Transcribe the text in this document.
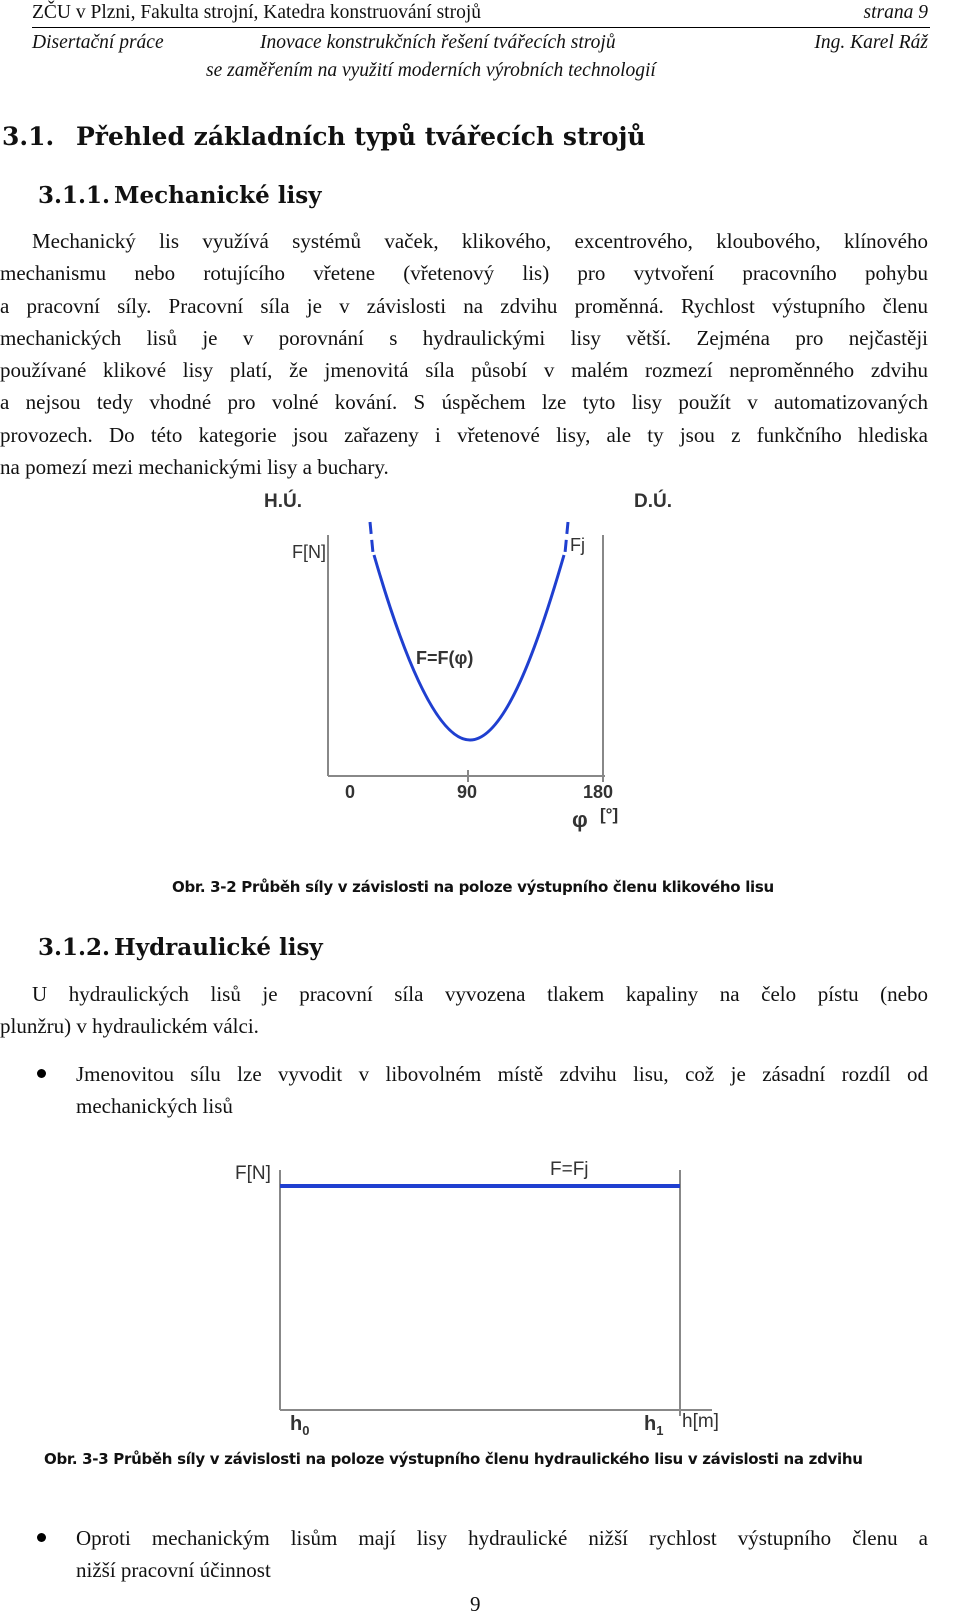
ZČU v Plzni, Fakulta strojní, Katedra konstruování strojů	strana 9
Disertační práce	Inovace konstrukčních řešení tvářecích strojů	Ing. Karel Ráž
se zaměřením na využití moderních výrobních technologií
3.1. Přehled základních typů tvářecích strojů
3.1.1. Mechanické lisy
Mechanický lis využívá systémů vaček, klikového, excentrového, kloubového, klínového
mechanismu nebo rotujícího vřetene (vřetenový lis) pro vytvoření pracovního pohybu
a pracovní síly. Pracovní síla je v závislosti na zdvihu proměnná. Rychlost výstupního členu
mechanických lisů je v porovnání s hydraulickými lisy větší. Zejména pro nejčastěji
používané klikové lisy platí, že jmenovitá síla působí v malém rozmezí neproměnného zdvihu
a nejsou tedy vhodné pro volné kování. S úspěchem lze tyto lisy použít v automatizovaných
provozech. Do této kategorie jsou zařazeny i vřetenové lisy, ale ty jsou z funkčního hlediska
na pomezí mezi mechanickými lisy a buchary.
H.Ú.	D.Ú.
F[N]	Fj
F=F(φ)
0	90	180
φ [°]
Obr. 3-2 Průběh síly v závislosti na poloze výstupního členu klikového lisu
3.1.2. Hydraulické lisy
U hydraulických lisů je pracovní síla vyvozena tlakem kapaliny na čelo pístu (nebo
plunžru) v hydraulickém válci.
Jmenovitou sílu lze vyvodit v libovolném místě zdvihu lisu, což je zásadní rozdíl od
mechanických lisů
F[N]	F=Fj
$h_0$	$h_1$ h[m]
Obr. 3-3 Průběh síly v závislosti na poloze výstupního členu hydraulického lisu v závislosti na zdvihu
Oproti mechanickým lisům mají lisy hydraulické nižší rychlost výstupního členu a
nižší pracovní účinnost
9
